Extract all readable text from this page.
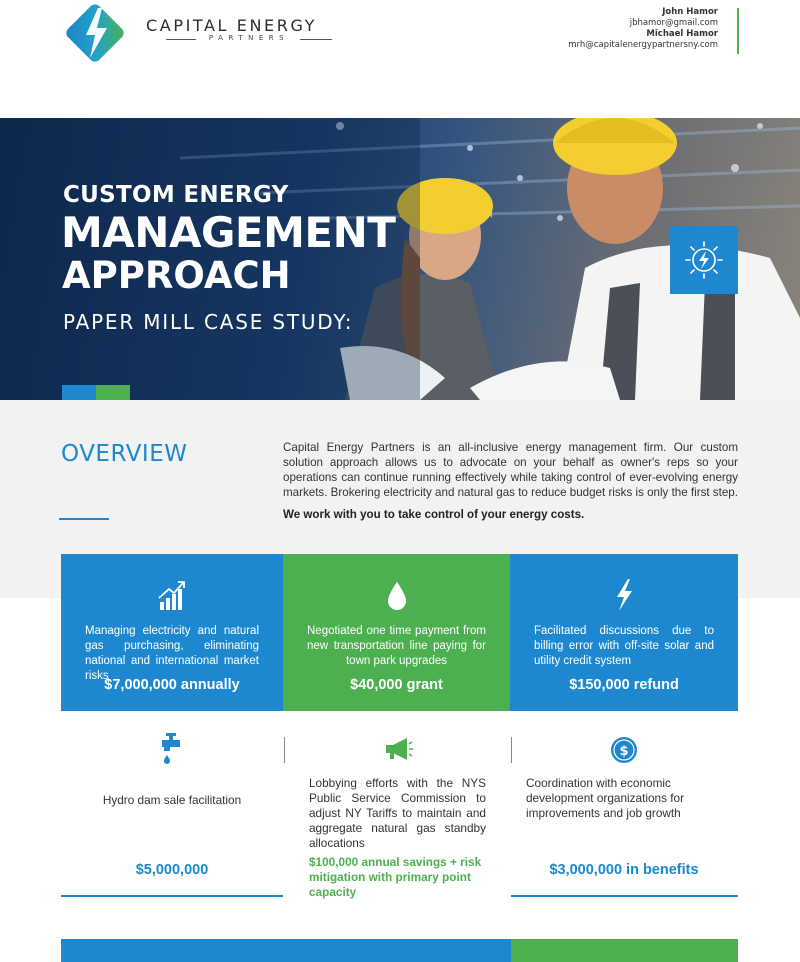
CAPITAL ENERGY
PARTNERS
John Hamor
jbhamor@gmail.com
Michael Hamor
mrh@capitalenergypartnersny.com
CUSTOM ENERGY
MANAGEMENT
APPROACH
PAPER MILL CASE STUDY:
OVERVIEW	Capital Energy Partners is an all-inclusive energy management firm. Our custom solution approach allows us to advocate on your behalf as owner's reps so your operations can continue running effectively while taking control of ever-evolving energy markets. Brokering electricity and natural gas to reduce budget risks is only the first step.
We work with you to take control of your energy costs.
Managing electricity and natural gas purchasing, eliminating national and international market risks
$7,000,000 annually
Negotiated one time payment from new transportation line paying for town park upgrades
$40,000 grant
Facilitated discussions due to billing error with off-site solar and utility credit system
$150,000 refund
Hydro dam sale facilitation
$5,000,000
Lobbying efforts with the NYS Public Service Commission to adjust NY Tariffs to maintain and aggregate natural gas standby allocations
$100,000 annual savings + risk mitigation with primary point capacity
$
Coordination with economic development organizations for improvements and job growth
$3,000,000 in benefits
